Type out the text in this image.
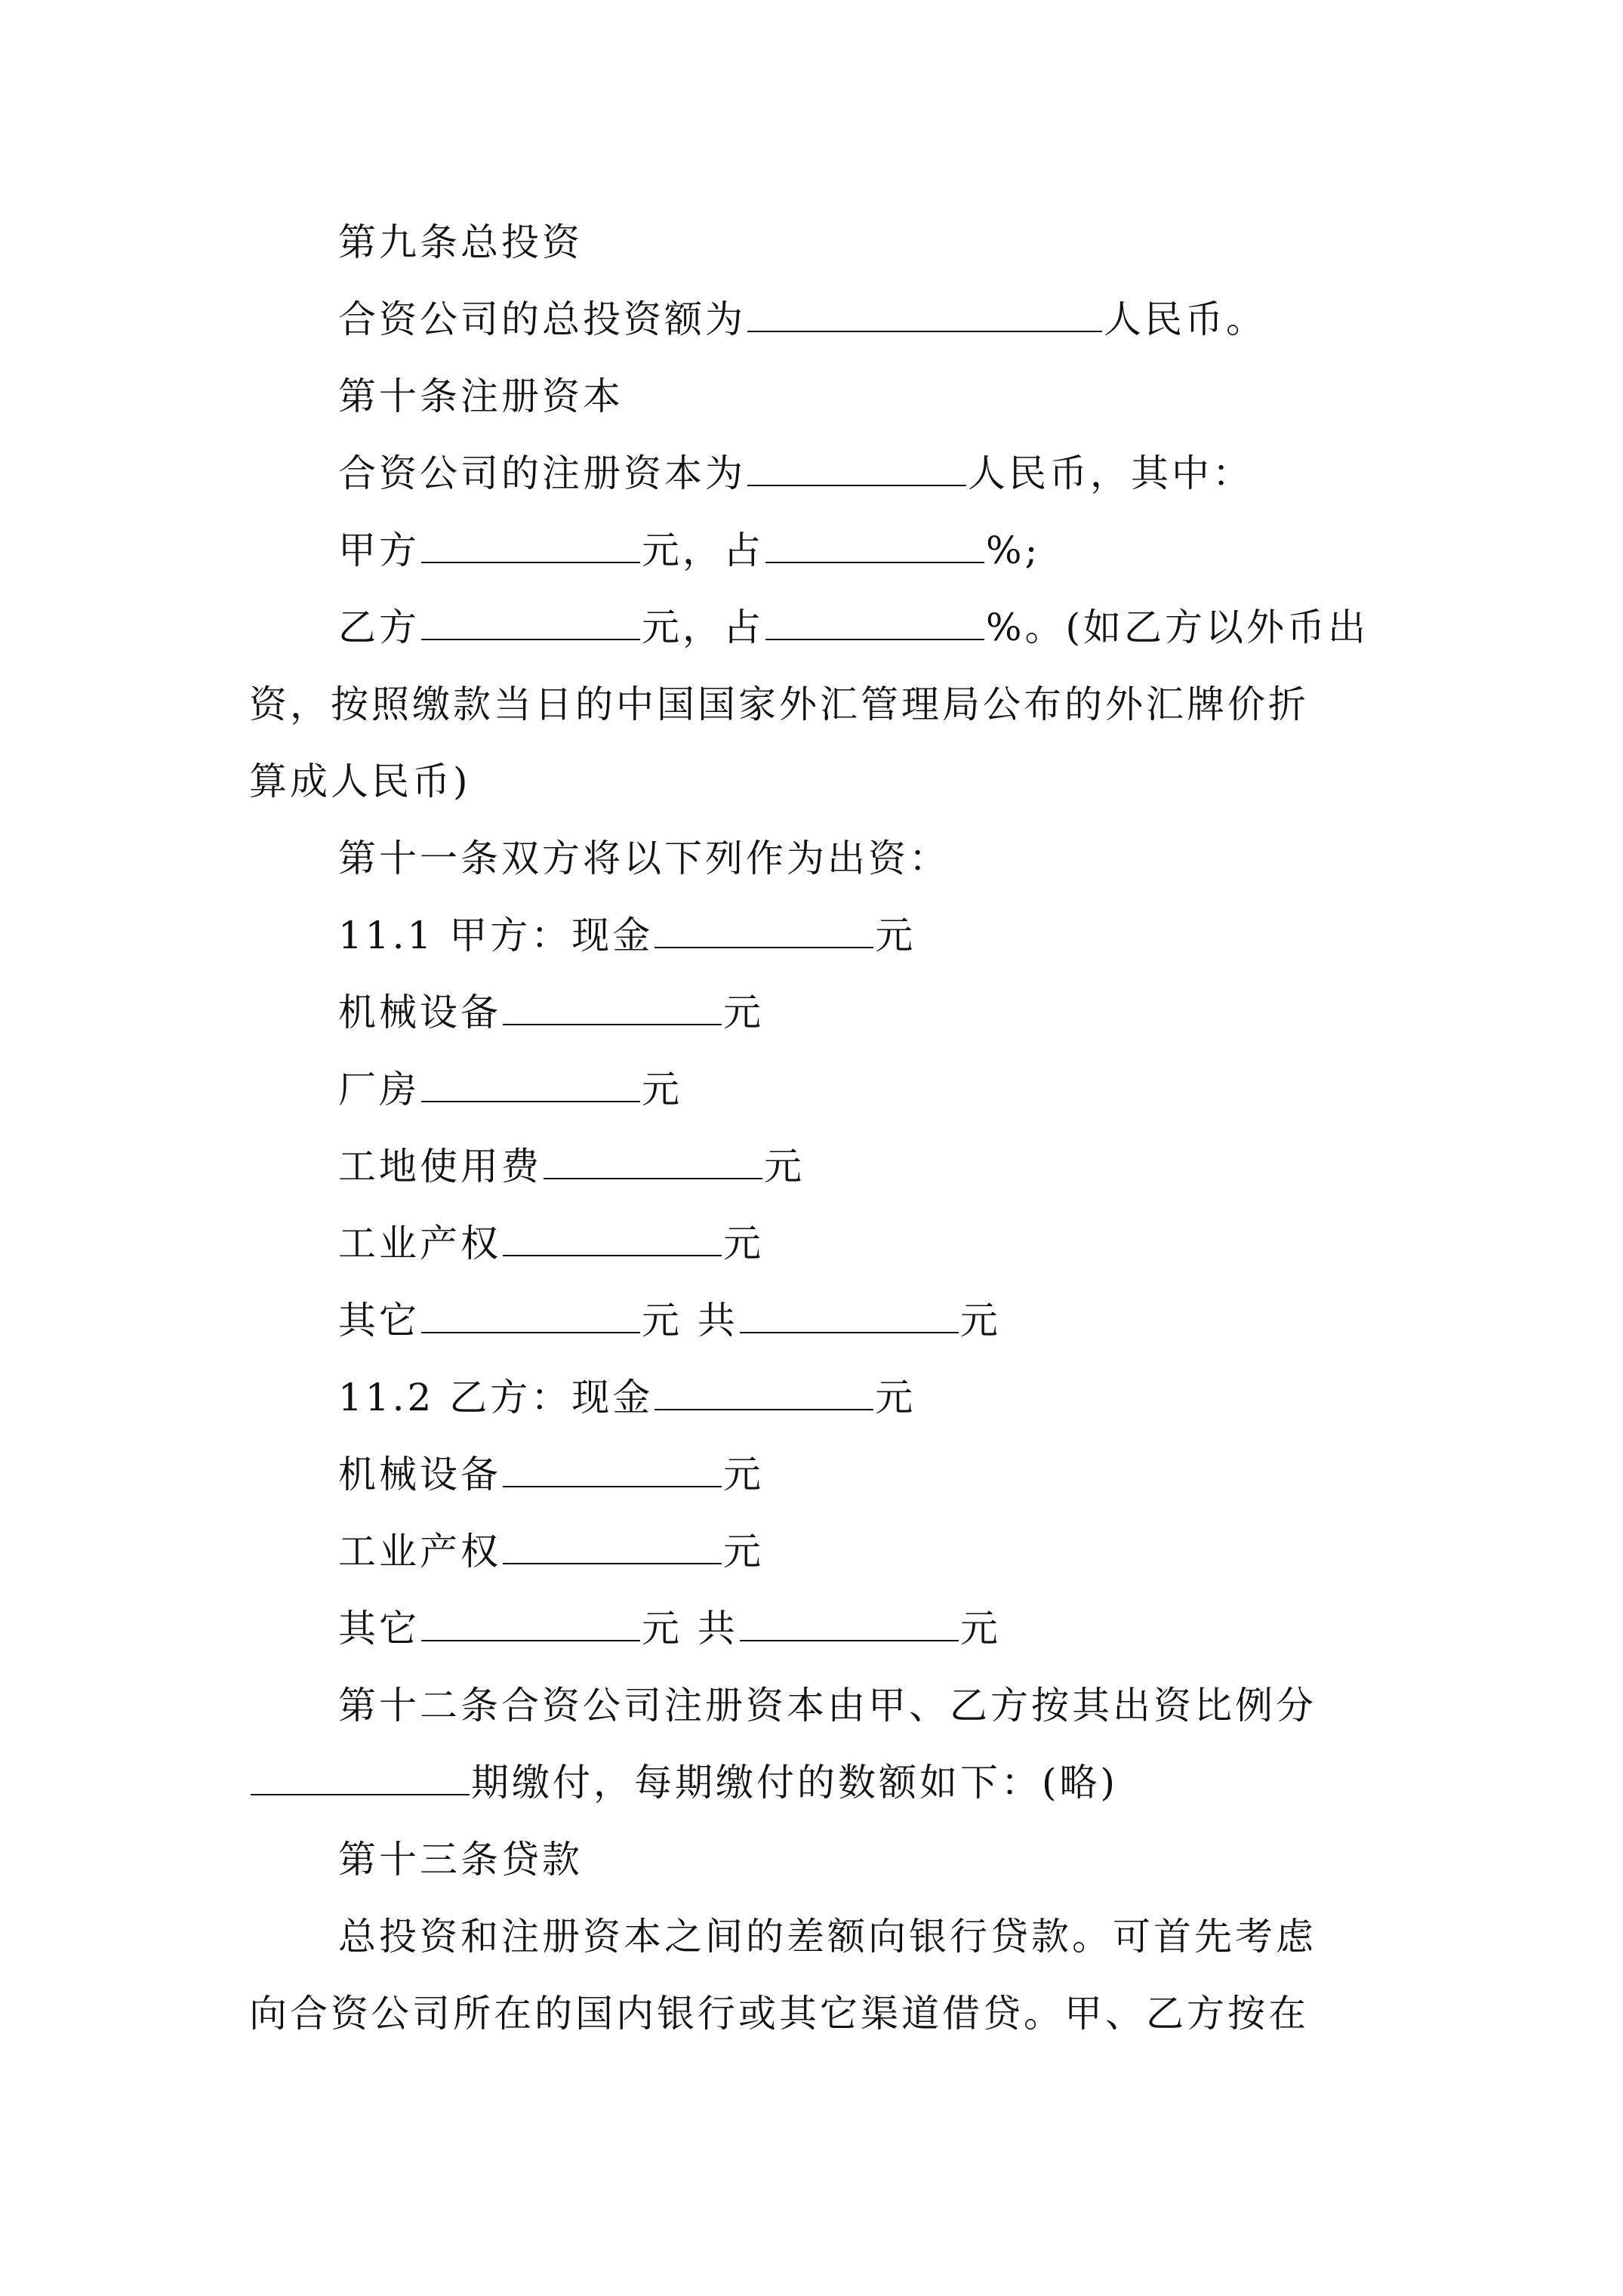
第九条总投资
合资公司的总投资额为	人民币。
第十条注册资本
合资公司的注册资本为	人民币，其中：
甲方	元，占	%;
乙方	元，占	%。(如乙方以外币出
资，按照缴款当日的中国国家外汇管理局公布的外汇牌价折
算成人民币)
第十一条双方将以下列作为出资：
11.1 甲方：现金	元
机械设备	元
厂房	元
工地使用费	元
工业产权	元
其它	元 共	元
11.2 乙方：现金	元
机械设备	元
工业产权	元
其它	元 共	元
第十二条合资公司注册资本由甲、乙方按其出资比例分
期缴付，每期缴付的数额如下：(略)
第十三条贷款
总投资和注册资本之间的差额向银行贷款。可首先考虑
向合资公司所在的国内银行或其它渠道借贷。甲、乙方按在
